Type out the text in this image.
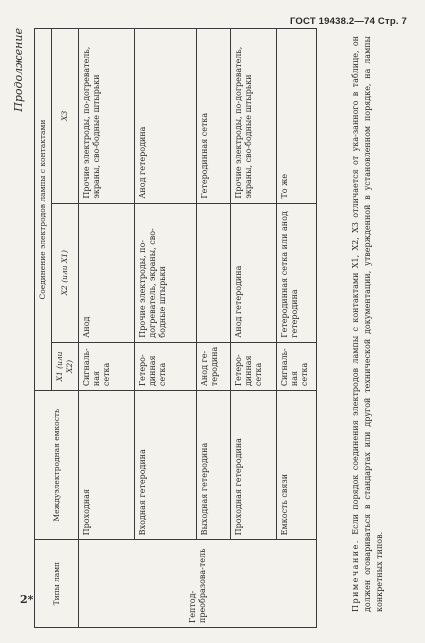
ГОСТ 19438.2—74 Стр. 7
2*
Продолжение
Типы ламп	Междуэлектродная емкость	Соединение электродов лампы с контактами		
		X1 (или X2)	X2 (или X1)	X3
Гептод-преобразова-тель	Проходная	Сигналь-ная сетка	Анод	Прочие электроды, по-догреватель, экраны, сво-бодные штырьки
	Входная гетеродина	Гетеро-динная сетка	Прочие электроды, по-догреватель, экраны, сво-бодные штырьки	Анод гетеродина
	Выходная гетеродина	Анод ге-теродина		Гетеродинная сетка
	Проходная гетеродина	Гетеро-динная сетка	Анод гетеродина	Прочие электроды, по-догреватель, экраны, сво-бодные штырьки
	Емкость связи	Сигналь-ная сетка	Гетеродинная сетка или анод гетеродина	То же
Примечание. Если порядок соединения электродов лампы с контактами X1, X2, X3 отличается от ука-занного в таблице, он должен оговариваться в стандартах или другой технической документации, утвержденной в установленном порядке, на лампы конкретных типов.
